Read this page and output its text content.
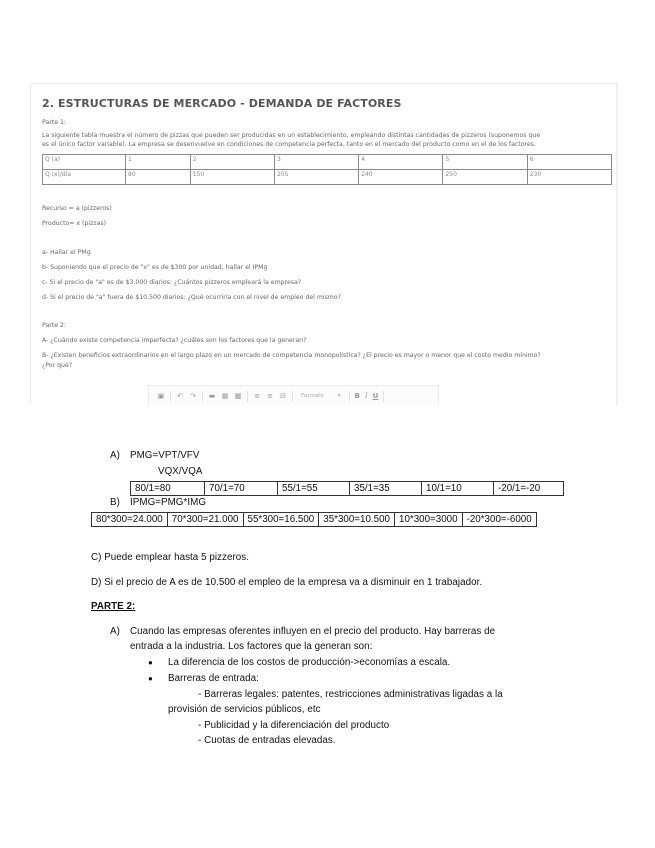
2. ESTRUCTURAS DE MERCADO - DEMANDA DE FACTORES
Parte 1:
La siguiente tabla muestra el número de pizzas que pueden ser producidas en un establecimiento, empleando distintas cantidades de pizzeros (suponemos que
es el único factor variable). La empresa se desenvuelve en condiciones de competencia perfecta, tanto en el mercado del producto como en el de los factores.
Q (a)	1	2	3	4	5	6
Q (x)/día	80	150	205	240	250	230
Recurso = a (pizzeros)
Producto= x (pizzas)
a- Hallar el PMg
b- Suponiendo que el precio de "x" es de $300 por unidad, hallar el IPMg
c- Si el precio de "a" es de $3.000 diarios: ¿Cuántos pizzeros empleará la empresa?
d- Si el precio de "a" fuera de $10.500 diarios: ¿Qué ocurriría con el nivel de empleo del mismo?
Parte 2:
A- ¿Cuándo existe competencia imperfecta? ¿cuáles son los factores que la generan?
B- ¿Existen beneficios extraordinarios en el largo plazo en un mercado de competencia monopolística? ¿El precio es mayor o menor que el costo medio mínimo?
¿Por qué?
▣ ↶ ↷ ▬ ▦ ▩ ≡ ≡ ⊟	Formato	▾ B I U
A) PMG=VPT/VFV
VQX/VQA
80/1=80	70/1=70	55/1=55	35/1=35	10/1=10	-20/1=-20
B) IPMG=PMG*IMG
80*300=24.000	70*300=21.000	55*300=16.500	35*300=10.500	10*300=3000	-20*300=-6000
C) Puede emplear hasta 5 pizzeros.
D) Si el precio de A es de 10.500 el empleo de la empresa va a disminuir en 1 trabajador.
PARTE 2:
A) Cuando las empresas oferentes influyen en el precio del producto. Hay barreras de
entrada a la industria. Los factores que la generan son:
● La diferencia de los costos de producción->economías a escala.
● Barreras de entrada:
- Barreras legales: patentes, restricciones administrativas ligadas a la
provisión de servicios públicos, etc
- Publicidad y la diferenciación del producto
- Cuotas de entradas elevadas.
